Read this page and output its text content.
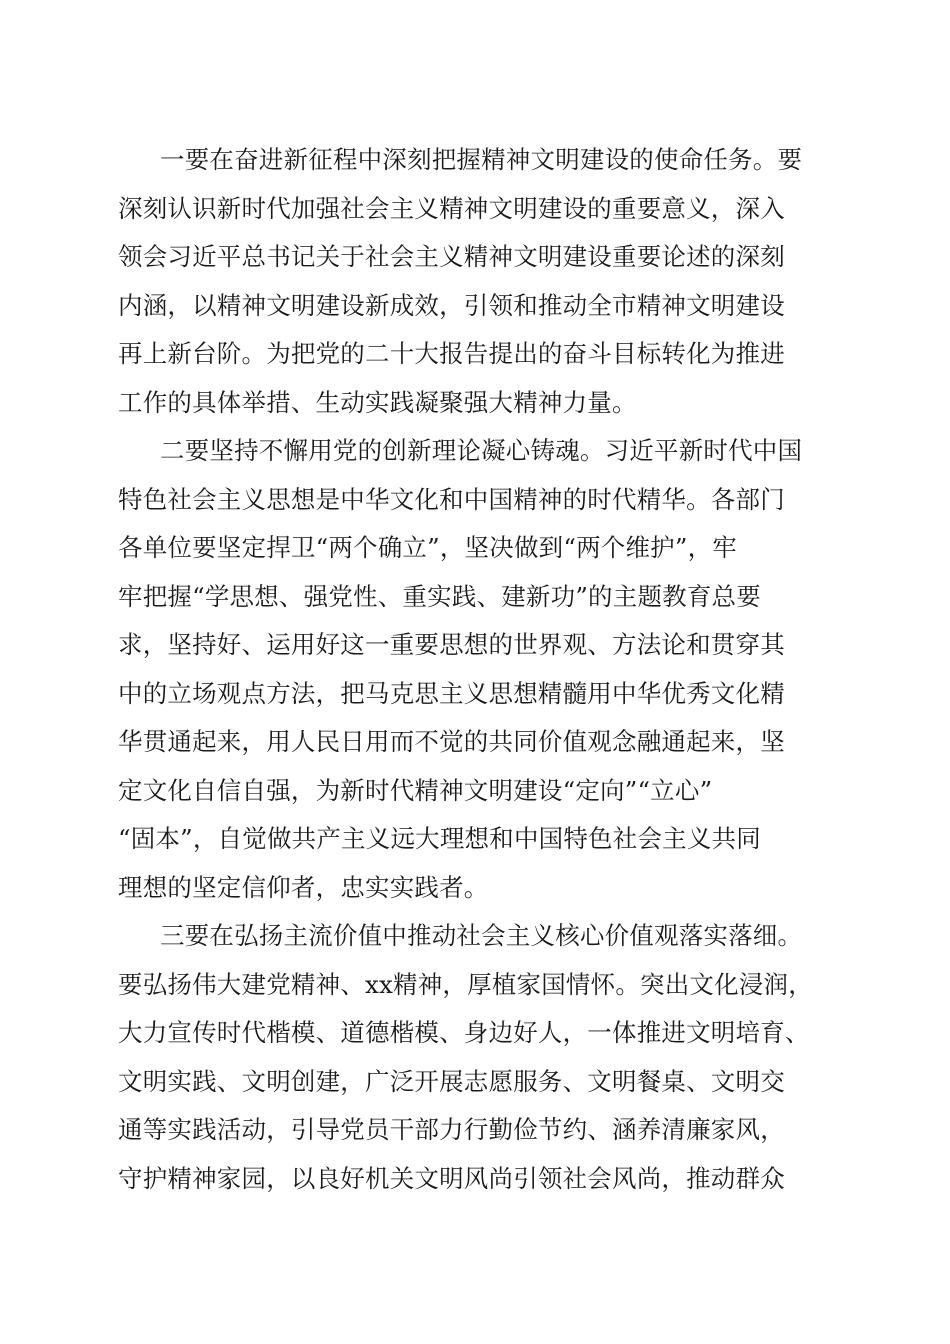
一要在奋进新征程中深刻把握精神文明建设的使命任务。要

深刻认识新时代加强社会主义精神文明建设的重要意义，深入

领会习近平总书记关于社会主义精神文明建设重要论述的深刻

内涵，以精神文明建设新成效，引领和推动全市精神文明建设

再上新台阶。为把党的二十大报告提出的奋斗目标转化为推进

工作的具体举措、生动实践凝聚强大精神力量。

二要坚持不懈用党的创新理论凝心铸魂。习近平新时代中国

特色社会主义思想是中华文化和中国精神的时代精华。各部门

各单位要坚定捍卫“两个确立”，坚决做到“两个维护”，牢

牢把握“学思想、强党性、重实践、建新功”的主题教育总要

求，坚持好、运用好这一重要思想的世界观、方法论和贯穿其

中的立场观点方法，把马克思主义思想精髓用中华优秀文化精

华贯通起来，用人民日用而不觉的共同价值观念融通起来，坚

定文化自信自强，为新时代精神文明建设“定向”“立心”

“固本”，自觉做共产主义远大理想和中国特色社会主义共同

理想的坚定信仰者，忠实实践者。

三要在弘扬主流价值中推动社会主义核心价值观落实落细。

要弘扬伟大建党精神、xx精神，厚植家国情怀。突出文化浸润，

大力宣传时代楷模、道德楷模、身边好人，一体推进文明培育、

文明实践、文明创建，广泛开展志愿服务、文明餐桌、文明交

通等实践活动，引导党员干部力行勤俭节约、涵养清廉家风，

守护精神家园，以良好机关文明风尚引领社会风尚，推动群众
